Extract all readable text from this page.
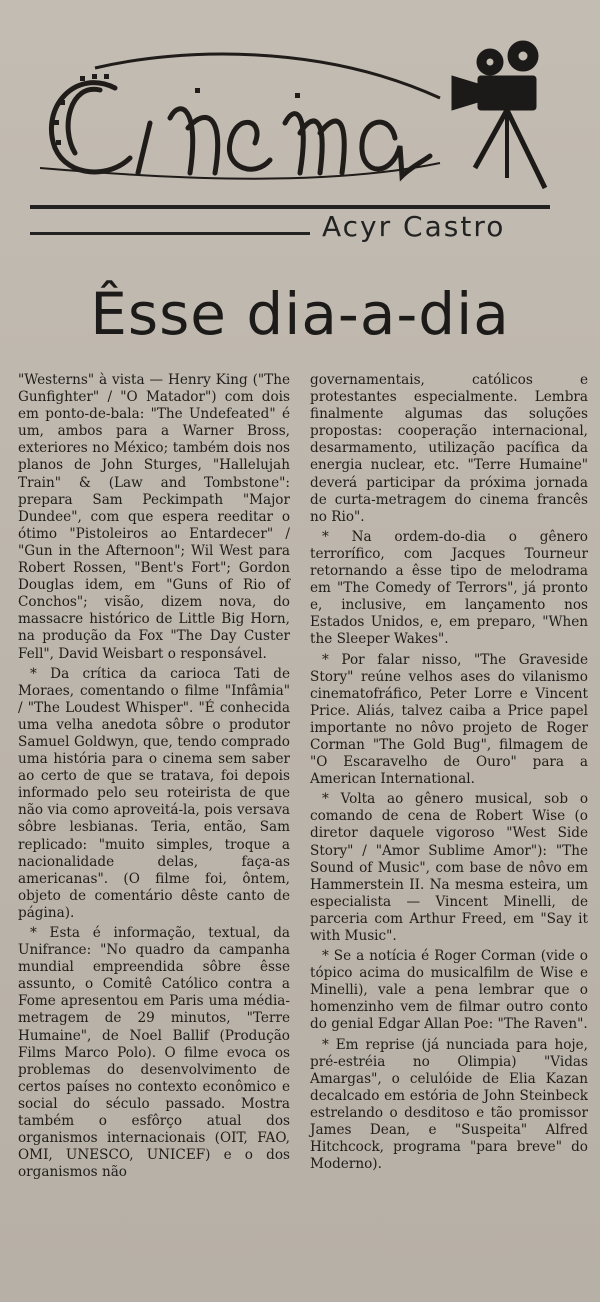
Acyr Castro
Êsse dia-a-dia

"Westerns" à vista — Henry King ("The Gunfighter" / "O Matador") com dois em ponto-de-bala: "The Undefeated" é um, ambos para a Warner Bross, exteriores no México; também dois nos planos de John Sturges, "Hallelujah Train" & (Law and Tombstone": prepara Sam Peckimpath "Major Dundee", com que espera reeditar o ótimo "Pistoleiros ao Entardecer" / "Gun in the Afternoon"; Wil West para Robert Rossen, "Bent's Fort"; Gordon Douglas idem, em "Guns of Rio of Conchos"; visão, dizem nova, do massacre histórico de Little Big Horn, na produção da Fox "The Day Custer Fell", David Weisbart o responsável.

* Da crítica da carioca Tati de Moraes, comentando o filme "Infâmia" / "The Loudest Whisper". "É conhecida uma velha anedota sôbre o produtor Samuel Goldwyn, que, tendo comprado uma história para o cinema sem saber ao certo de que se tratava, foi depois informado pelo seu roteirista de que não via como aproveitá-la, pois versava sôbre lesbianas. Teria, então, Sam replicado: "muito simples, troque a nacionalidade delas, faça-as americanas". (O filme foi, ôntem, objeto de comentário dêste canto de página).

* Esta é informação, textual, da Unifrance: "No quadro da campanha mundial empreendida sôbre êsse assunto, o Comitê Católico contra a Fome apresentou em Paris uma média-metragem de 29 minutos, "Terre Humaine", de Noel Ballif (Produção Films Marco Polo). O filme evoca os problemas do desenvolvimento de certos países no contexto econômico e social do século passado. Mostra também o esfôrço atual dos organismos internacionais (OIT, FAO, OMI, UNESCO, UNICEF) e o dos organismos não

governamentais, católicos e protestantes especialmente. Lembra finalmente algumas das soluções propostas: cooperação internacional, desarmamento, utilização pacífica da energia nuclear, etc. "Terre Humaine" deverá participar da próxima jornada de curta-metragem do cinema francês no Rio".

* Na ordem-do-dia o gênero terrorífico, com Jacques Tourneur retornando a êsse tipo de melodrama em "The Comedy of Terrors", já pronto e, inclusive, em lançamento nos Estados Unidos, e, em preparo, "When the Sleeper Wakes".

* Por falar nisso, "The Graveside Story" reúne velhos ases do vilanismo cinematofráfico, Peter Lorre e Vincent Price. Aliás, talvez caiba a Price papel importante no nôvo projeto de Roger Corman "The Gold Bug", filmagem de "O Escaravelho de Ouro" para a American International.

* Volta ao gênero musical, sob o comando de cena de Robert Wise (o diretor daquele vigoroso "West Side Story" / "Amor Sublime Amor"): "The Sound of Music", com base de nôvo em Hammerstein II. Na mesma esteira, um especialista — Vincent Minelli, de parceria com Arthur Freed, em "Say it with Music".

* Se a notícia é Roger Corman (vide o tópico acima do musicalfilm de Wise e Minelli), vale a pena lembrar que o homenzinho vem de filmar outro conto do genial Edgar Allan Poe: "The Raven".

* Em reprise (já nunciada para hoje, pré-estréia no Olimpia) "Vidas Amargas", o celulóide de Elia Kazan decalcado em estória de John Steinbeck estrelando o desditoso e tão promissor James Dean, e "Suspeita" Alfred Hitchcock, programa "para breve" do Moderno).
